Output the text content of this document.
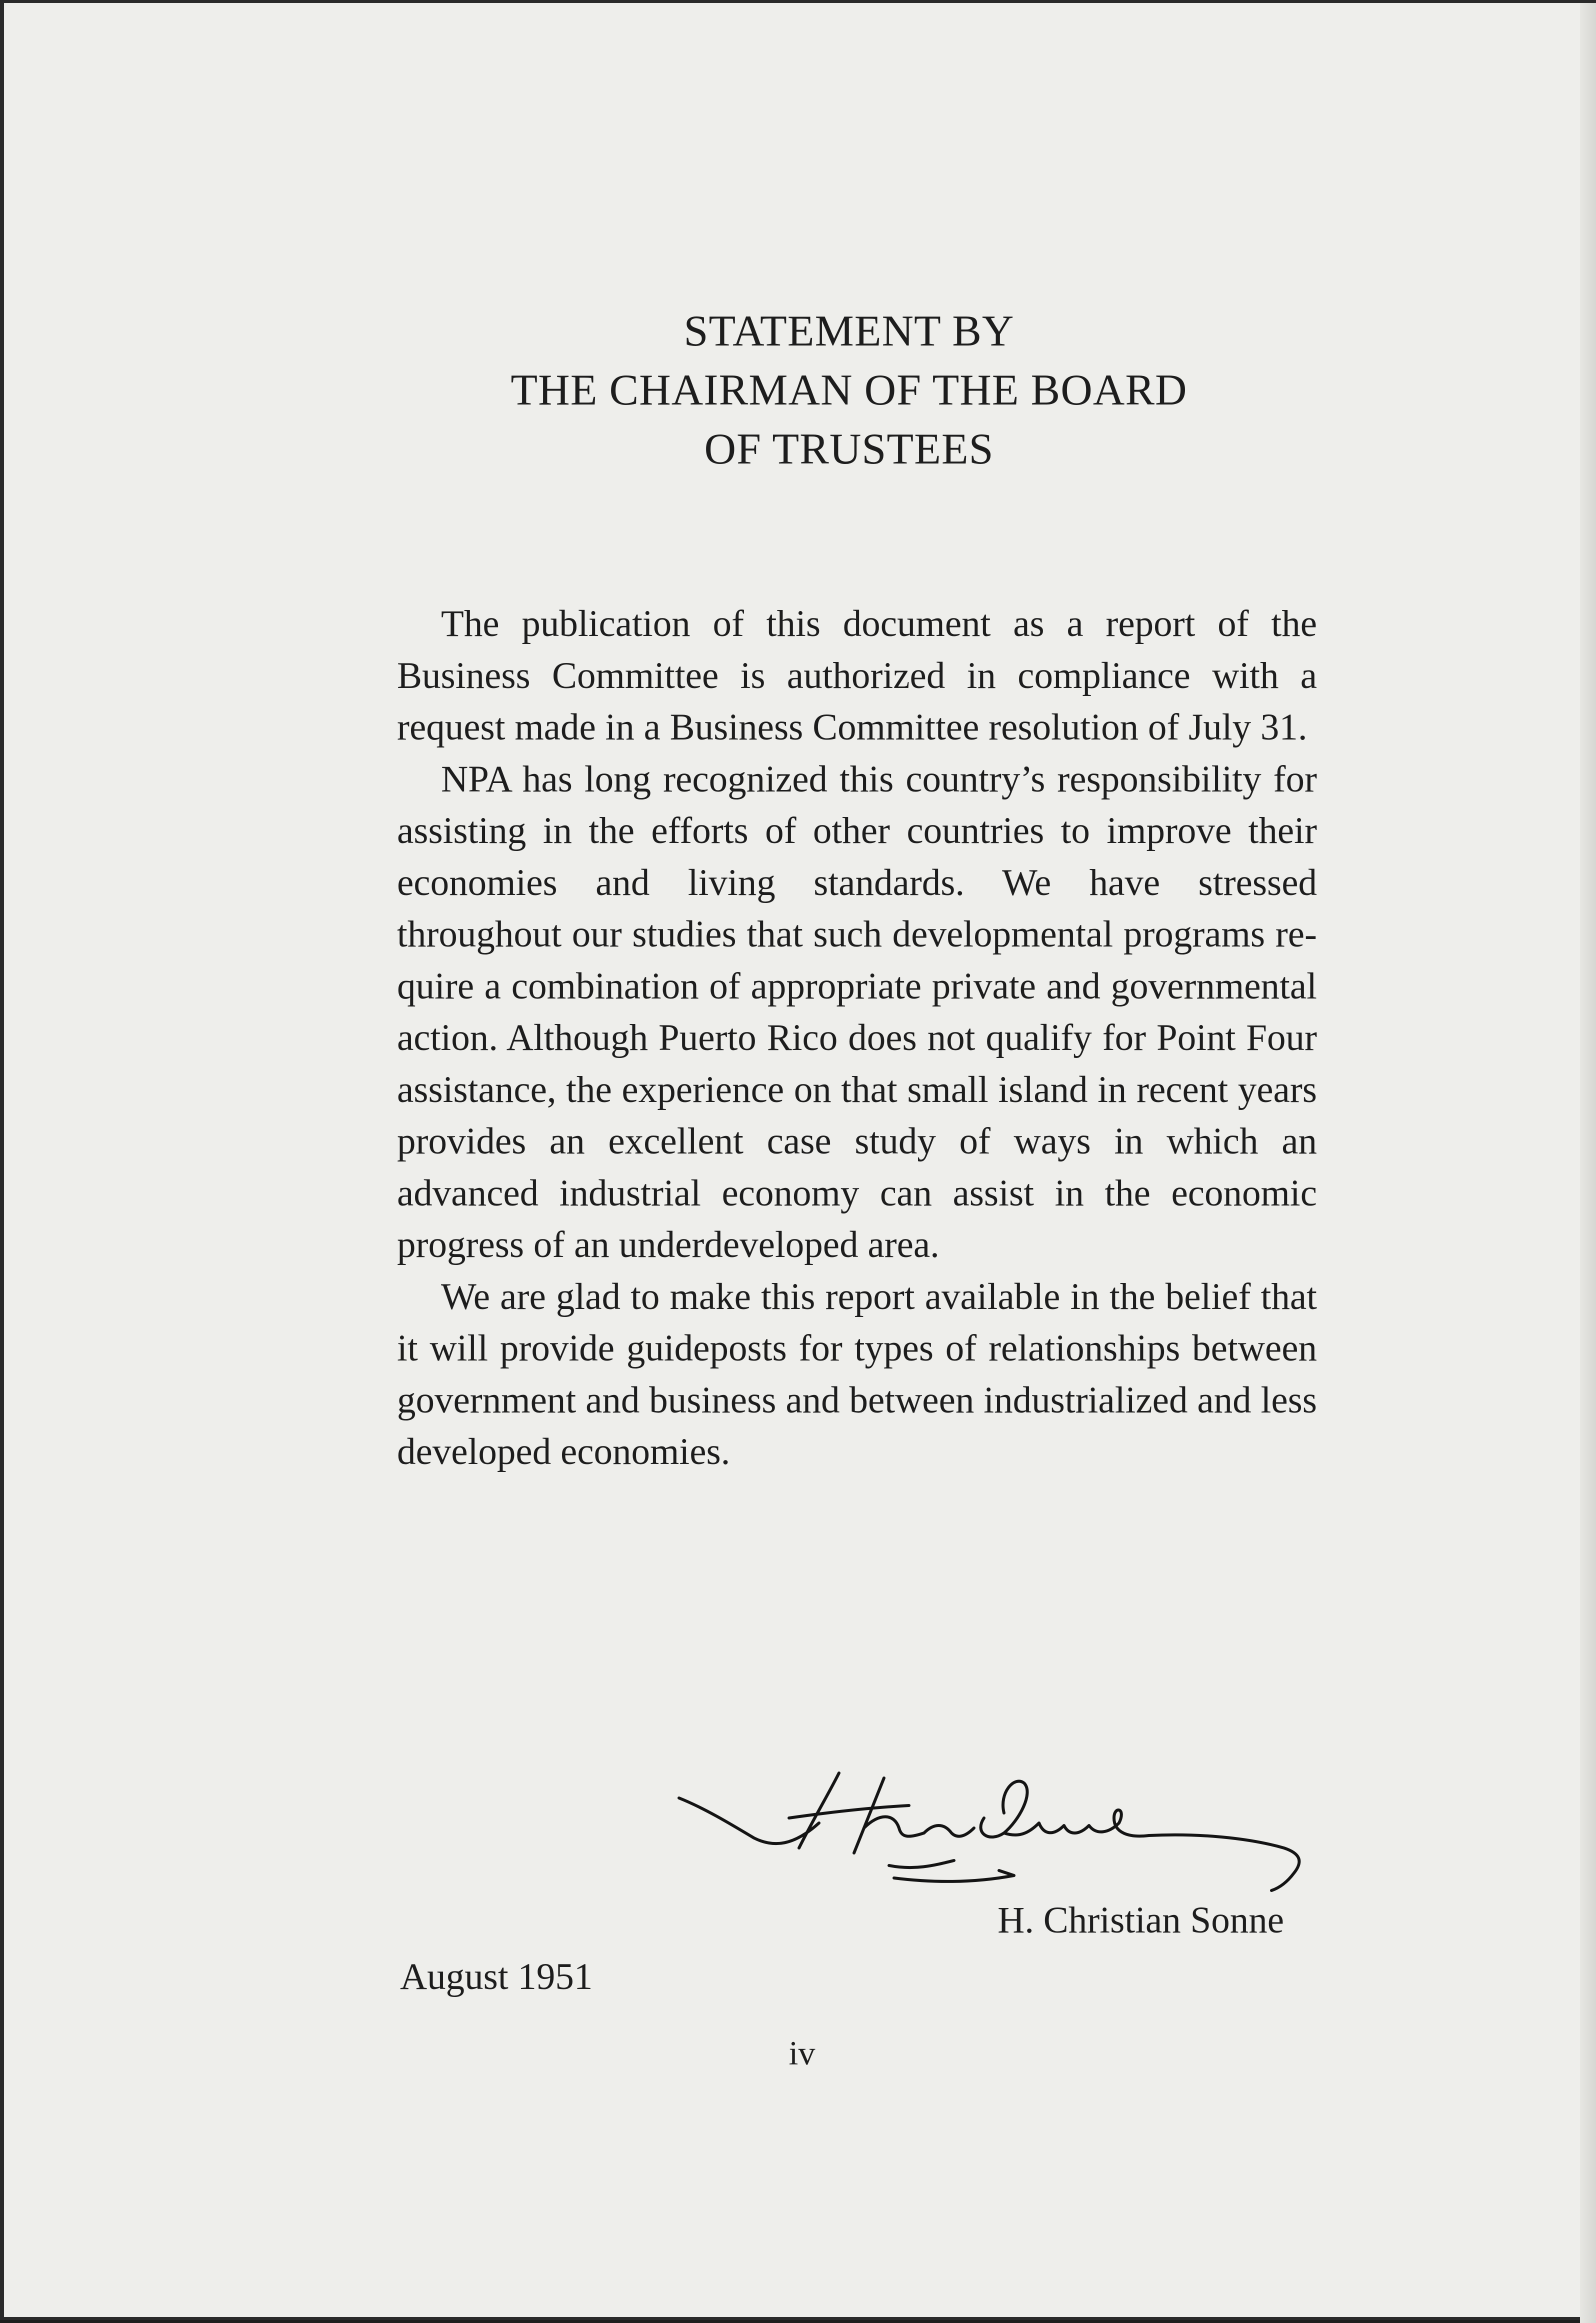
STATEMENT BY
THE CHAIRMAN OF THE BOARD
OF TRUSTEES

The publication of this document as a report of the Business Committee is authorized in compliance with a request made in a Business Committee resolution of July 31.

NPA has long recognized this country’s responsibility for assisting in the efforts of other countries to improve their economies and living standards. We have stressed throughout our studies that such developmental programs require a combination of appropriate private and governmental action. Although Puerto Rico does not qualify for Point Four assistance, the experience on that small island in recent years provides an excellent case study of ways in which an advanced industrial economy can assist in the economic progress of an underdeveloped area.

We are glad to make this report available in the belief that it will provide guideposts for types of relationships between government and business and between industrialized and less developed economies.

H. Christian Sonne
August 1951
iv
